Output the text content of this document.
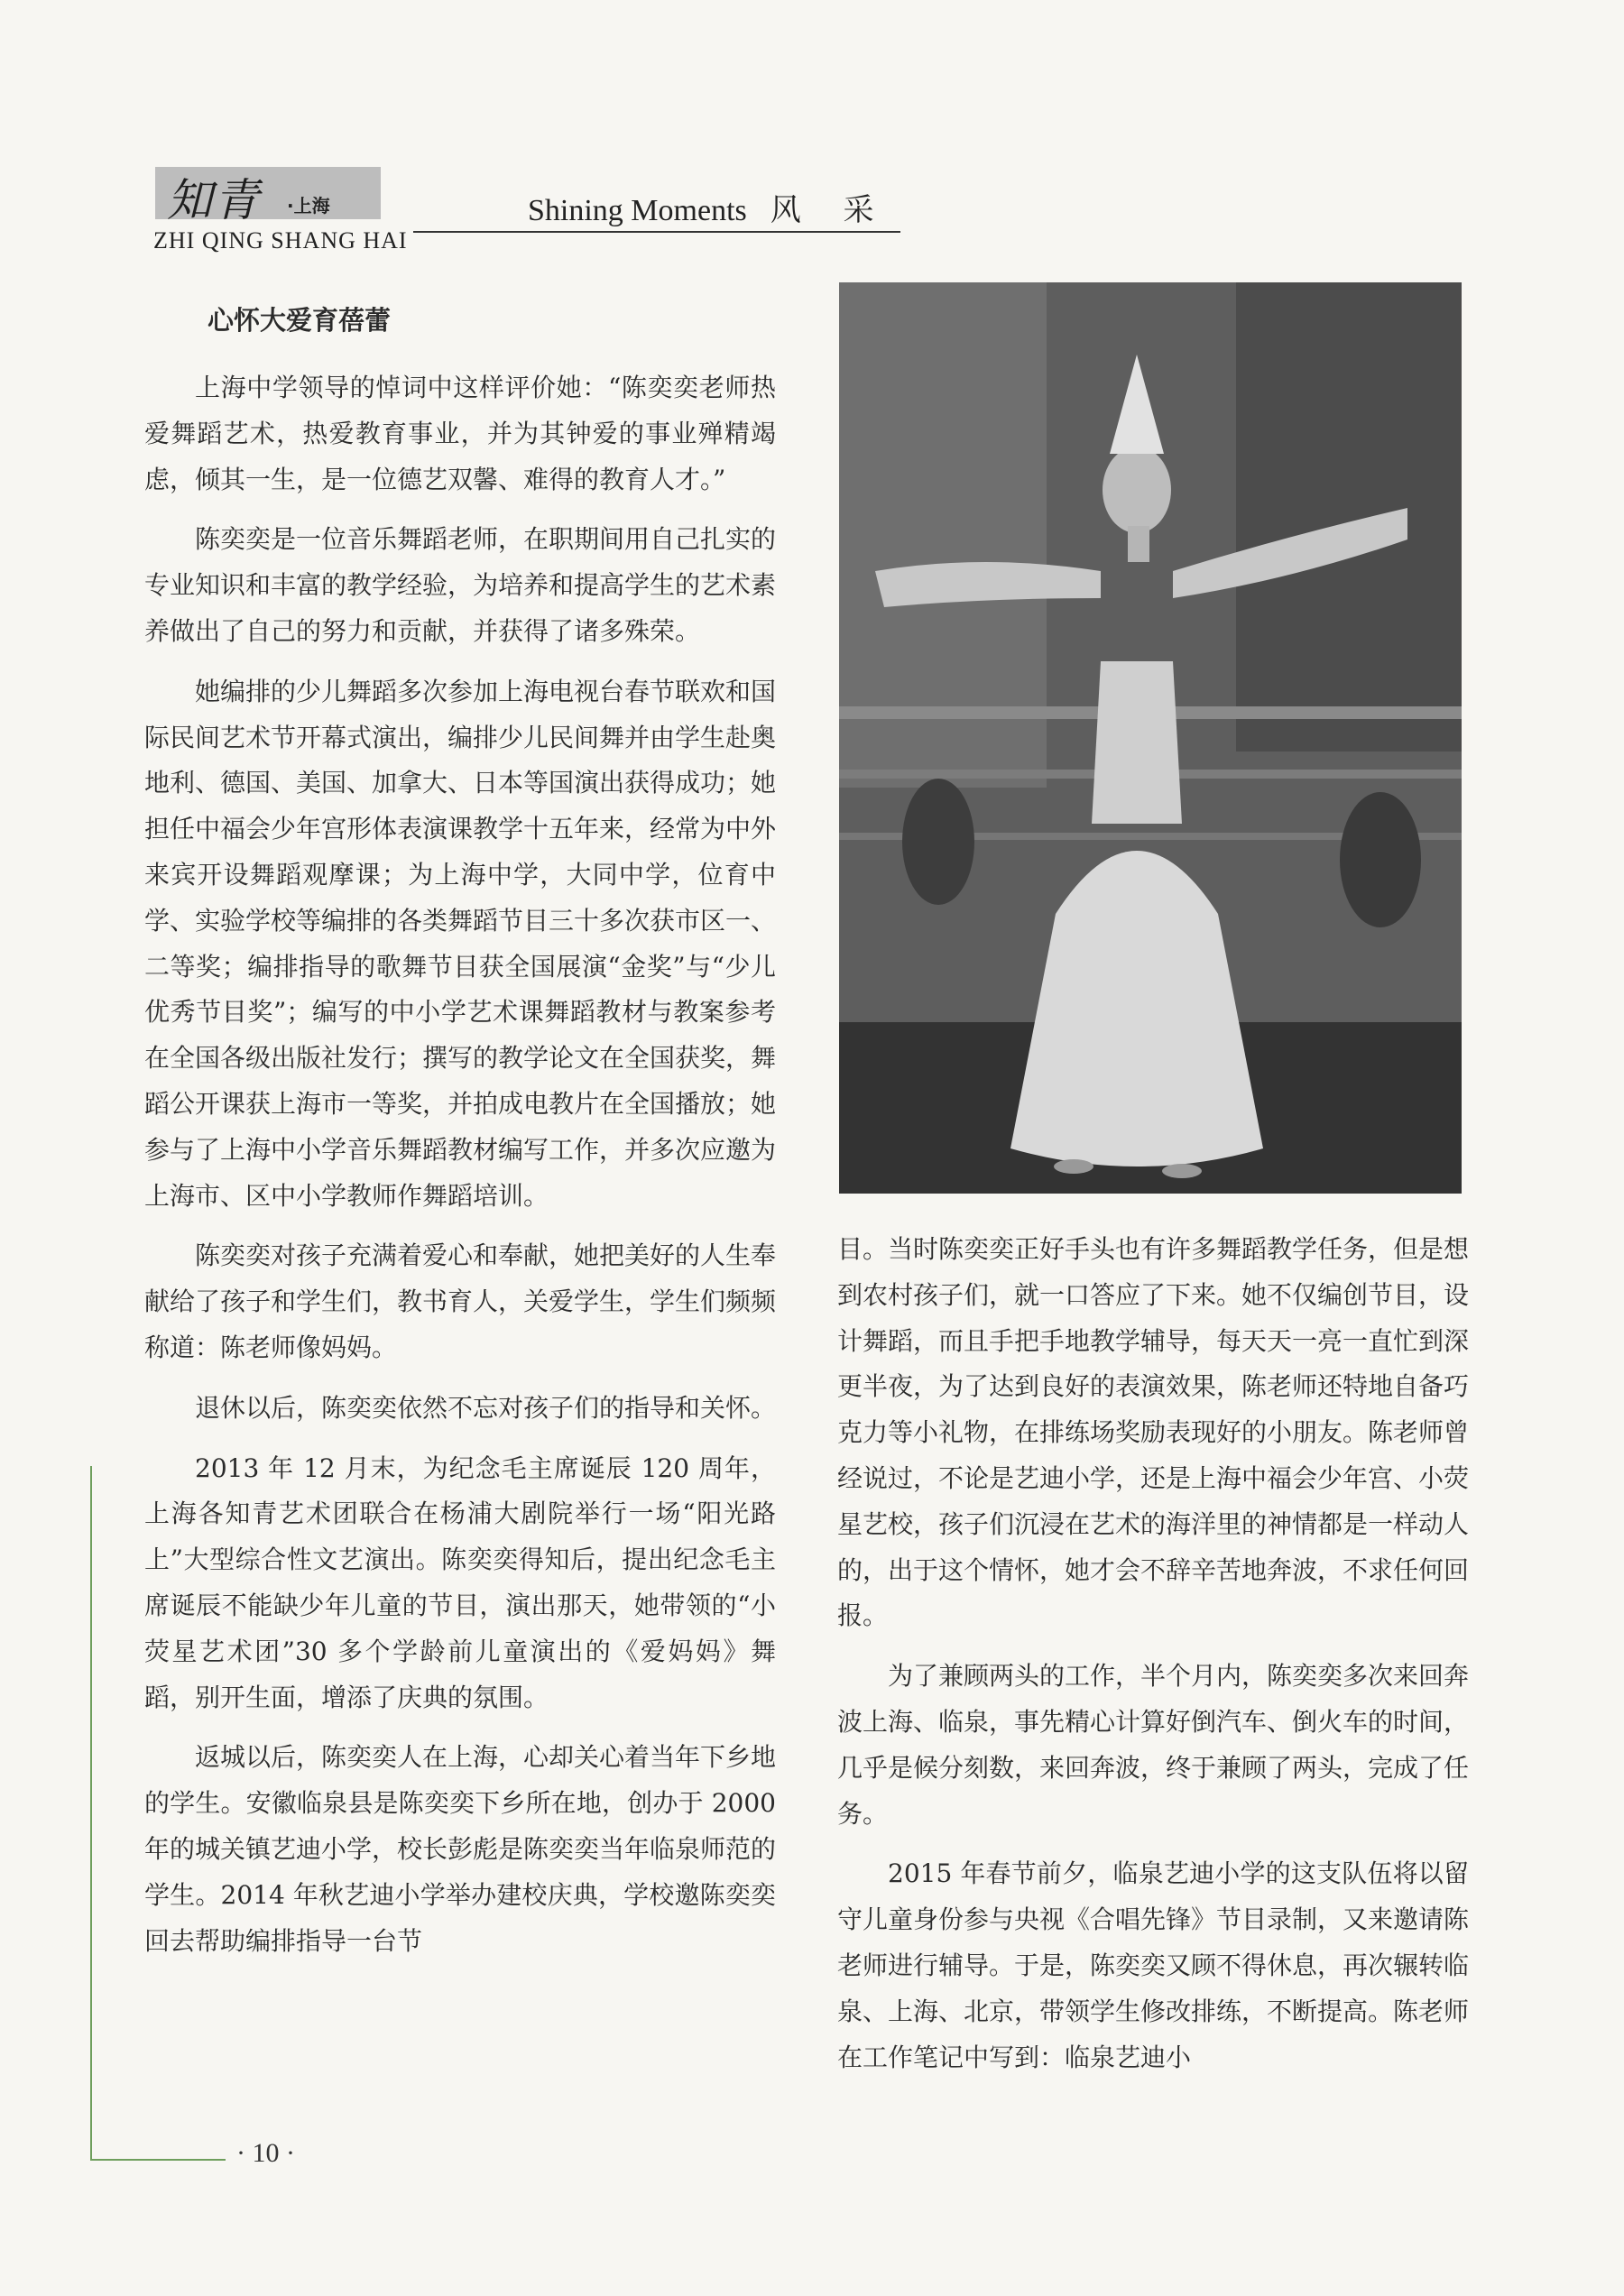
知青 ·上海
ZHI QING SHANG HAI
Shining Moments 风 采
心怀大爱育蓓蕾

上海中学领导的悼词中这样评价她：“陈奕奕老师热爱舞蹈艺术，热爱教育事业，并为其钟爱的事业殚精竭虑，倾其一生，是一位德艺双馨、难得的教育人才。”

陈奕奕是一位音乐舞蹈老师，在职期间用自己扎实的专业知识和丰富的教学经验，为培养和提高学生的艺术素养做出了自己的努力和贡献，并获得了诸多殊荣。

她编排的少儿舞蹈多次参加上海电视台春节联欢和国际民间艺术节开幕式演出，编排少儿民间舞并由学生赴奥地利、德国、美国、加拿大、日本等国演出获得成功；她担任中福会少年宫形体表演课教学十五年来，经常为中外来宾开设舞蹈观摩课；为上海中学，大同中学，位育中学、实验学校等编排的各类舞蹈节目三十多次获市区一、二等奖；编排指导的歌舞节目获全国展演“金奖”与“少儿优秀节目奖”；编写的中小学艺术课舞蹈教材与教案参考在全国各级出版社发行；撰写的教学论文在全国获奖，舞蹈公开课获上海市一等奖，并拍成电教片在全国播放；她参与了上海中小学音乐舞蹈教材编写工作，并多次应邀为上海市、区中小学教师作舞蹈培训。

陈奕奕对孩子充满着爱心和奉献，她把美好的人生奉献给了孩子和学生们，教书育人，关爱学生，学生们频频称道：陈老师像妈妈。

退休以后，陈奕奕依然不忘对孩子们的指导和关怀。

2013 年 12 月末，为纪念毛主席诞辰 120 周年，上海各知青艺术团联合在杨浦大剧院举行一场“阳光路上”大型综合性文艺演出。陈奕奕得知后，提出纪念毛主席诞辰不能缺少年儿童的节目，演出那天，她带领的“小荧星艺术团”30 多个学龄前儿童演出的《爱妈妈》舞蹈，别开生面，增添了庆典的氛围。

返城以后，陈奕奕人在上海，心却关心着当年下乡地的学生。安徽临泉县是陈奕奕下乡所在地，创办于 2000 年的城关镇艺迪小学，校长彭彪是陈奕奕当年临泉师范的学生。2014 年秋艺迪小学举办建校庆典，学校邀陈奕奕回去帮助编排指导一台节

目。当时陈奕奕正好手头也有许多舞蹈教学任务，但是想到农村孩子们，就一口答应了下来。她不仅编创节目，设计舞蹈，而且手把手地教学辅导，每天天一亮一直忙到深更半夜，为了达到良好的表演效果，陈老师还特地自备巧克力等小礼物，在排练场奖励表现好的小朋友。陈老师曾经说过，不论是艺迪小学，还是上海中福会少年宫、小荧星艺校，孩子们沉浸在艺术的海洋里的神情都是一样动人的，出于这个情怀，她才会不辞辛苦地奔波，不求任何回报。

为了兼顾两头的工作，半个月内，陈奕奕多次来回奔波上海、临泉，事先精心计算好倒汽车、倒火车的时间，几乎是候分刻数，来回奔波，终于兼顾了两头，完成了任务。

2015 年春节前夕，临泉艺迪小学的这支队伍将以留守儿童身份参与央视《合唱先锋》节目录制，又来邀请陈老师进行辅导。于是，陈奕奕又顾不得休息，再次辗转临泉、上海、北京，带领学生修改排练，不断提高。陈老师在工作笔记中写到：临泉艺迪小

· 10 ·
